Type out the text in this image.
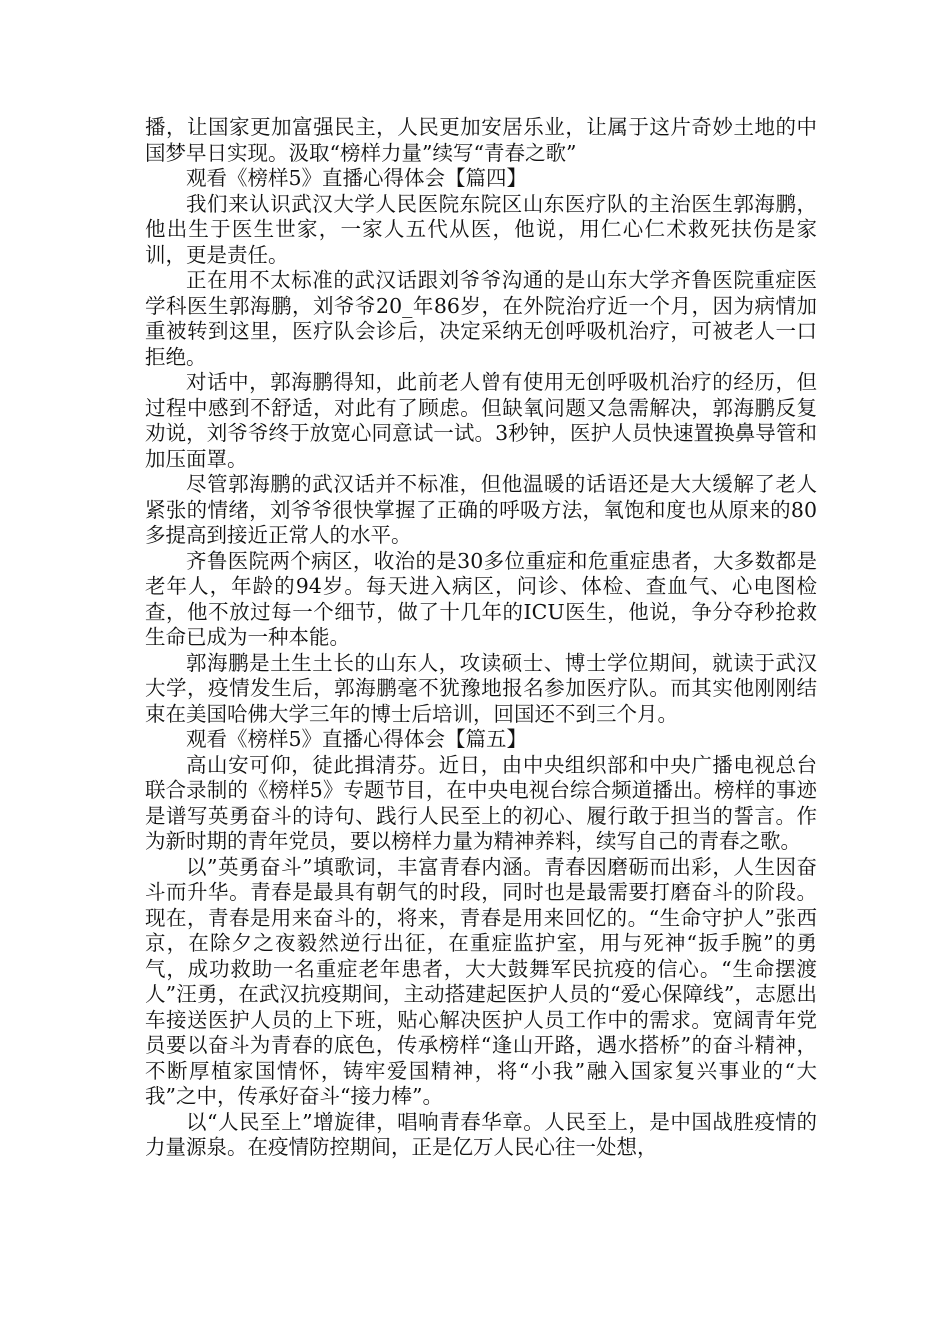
播，让国家更加富强民主，人民更加安居乐业，让属于这片奇妙土地的中国梦早日实现。汲取“榜样力量”续写“青春之歌”

观看《榜样5》直播心得体会【篇四】

我们来认识武汉大学人民医院东院区山东医疗队的主治医生郭海鹏，他出生于医生世家，一家人五代从医，他说，用仁心仁术救死扶伤是家训，更是责任。

正在用不太标准的武汉话跟刘爷爷沟通的是山东大学齐鲁医院重症医学科医生郭海鹏，刘爷爷20_年86岁，在外院治疗近一个月，因为病情加重被转到这里，医疗队会诊后，决定采纳无创呼吸机治疗，可被老人一口拒绝。

对话中，郭海鹏得知，此前老人曾有使用无创呼吸机治疗的经历，但过程中感到不舒适，对此有了顾虑。但缺氧问题又急需解决，郭海鹏反复劝说，刘爷爷终于放宽心同意试一试。3秒钟，医护人员快速置换鼻导管和加压面罩。

尽管郭海鹏的武汉话并不标准，但他温暖的话语还是大大缓解了老人紧张的情绪，刘爷爷很快掌握了正确的呼吸方法，氧饱和度也从原来的80多提高到接近正常人的水平。

齐鲁医院两个病区，收治的是30多位重症和危重症患者，大多数都是老年人，年龄的94岁。每天进入病区，问诊、体检、查血气、心电图检查，他不放过每一个细节，做了十几年的ICU医生，他说，争分夺秒抢救生命已成为一种本能。

郭海鹏是土生土长的山东人，攻读硕士、博士学位期间，就读于武汉大学，疫情发生后，郭海鹏毫不犹豫地报名参加医疗队。而其实他刚刚结束在美国哈佛大学三年的博士后培训，回国还不到三个月。

观看《榜样5》直播心得体会【篇五】

高山安可仰，徒此揖清芬。近日，由中央组织部和中央广播电视总台联合录制的《榜样5》专题节目，在中央电视台综合频道播出。榜样的事迹是谱写英勇奋斗的诗句、践行人民至上的初心、履行敢于担当的誓言。作为新时期的青年党员，要以榜样力量为精神养料，续写自己的青春之歌。

以”英勇奋斗”填歌词，丰富青春内涵。青春因磨砺而出彩，人生因奋斗而升华。青春是最具有朝气的时段，同时也是最需要打磨奋斗的阶段。现在，青春是用来奋斗的，将来，青春是用来回忆的。“生命守护人”张西京，在除夕之夜毅然逆行出征，在重症监护室，用与死神“扳手腕”的勇气，成功救助一名重症老年患者，大大鼓舞军民抗疫的信心。“生命摆渡人”汪勇，在武汉抗疫期间，主动搭建起医护人员的“爱心保障线”，志愿出车接送医护人员的上下班，贴心解决医护人员工作中的需求。宽阔青年党员要以奋斗为青春的底色，传承榜样“逢山开路，遇水搭桥”的奋斗精神，不断厚植家国情怀，铸牢爱国精神，将“小我”融入国家复兴事业的“大我”之中，传承好奋斗“接力棒”。

以“人民至上”增旋律，唱响青春华章。人民至上，是中国战胜疫情的力量源泉。在疫情防控期间，正是亿万人民心往一处想，
